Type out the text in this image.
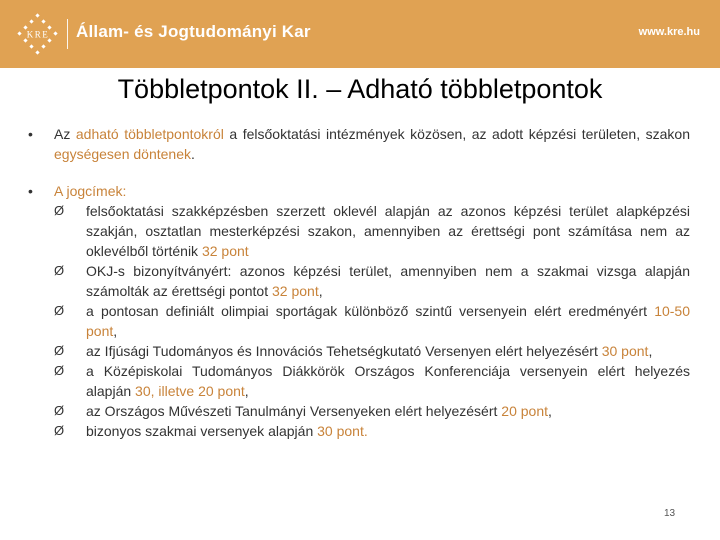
KRE Állam- és Jogtudományi Kar	www.kre.hu
Többletpontok II. – Adható többletpontok
•	Az adható többletpontokról a felsőoktatási intézmények közösen, az adott képzési területen, szakon egységesen döntenek.
•	A jogcímek:
Ø	felsőoktatási szakképzésben szerzett oklevél alapján az azonos képzési terület alapképzési szakján, osztatlan mesterképzési szakon, amennyiben az érettségi pont számítása nem az oklevélből történik 32 pont
Ø	OKJ-s bizonyítványért: azonos képzési terület, amennyiben nem a szakmai vizsga alapján számolták az érettségi pontot 32 pont,
Ø	a pontosan definiált olimpiai sportágak különböző szintű versenyein elért eredményért 10-50 pont,
Ø	az Ifjúsági Tudományos és Innovációs Tehetségkutató Versenyen elért helyezésért 30 pont,
Ø	a Középiskolai Tudományos Diákkörök Országos Konferenciája versenyein elért helyezés alapján 30, illetve 20 pont,
Ø	az Országos Művészeti Tanulmányi Versenyeken elért helyezésért 20 pont,
Ø	bizonyos szakmai versenyek alapján 30 pont.
13
